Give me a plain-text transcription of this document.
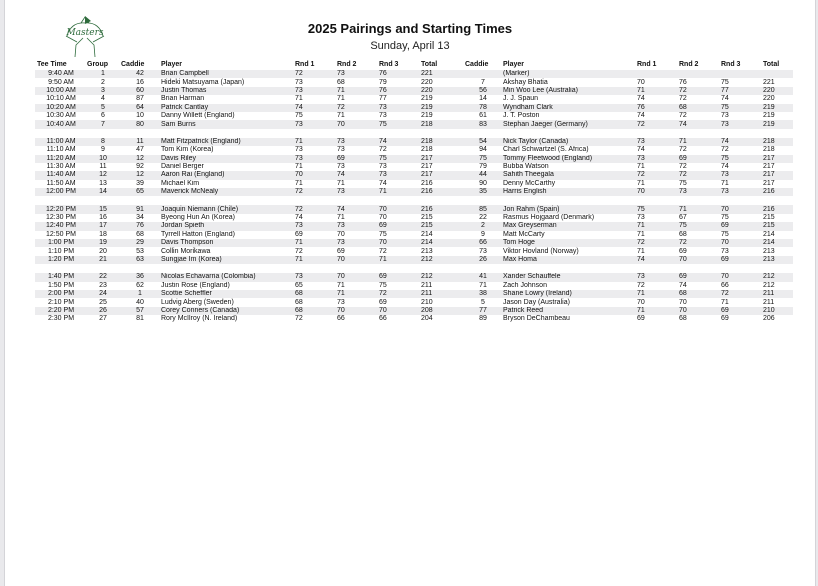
Masters	2025 Pairings and Starting Times
Sunday, April 13
Tee Time	Group	Caddie	Player	Rnd 1	Rnd 2	Rnd 3	Total	Caddie	Player	Rnd 1	Rnd 2	Rnd 3	Total
9:40 AM	1	42	Brian Campbell	72	73	76	221		(Marker)				
9:50 AM	2	16	Hideki Matsuyama (Japan)	73	68	79	220	7	Akshay Bhatia	70	76	75	221
10:00 AM	3	60	Justin Thomas	73	71	76	220	56	Min Woo Lee (Australia)	71	72	77	220
10:10 AM	4	87	Brian Harman	71	71	77	219	14	J. J. Spaun	74	72	74	220
10:20 AM	5	64	Patrick Cantlay	74	72	73	219	78	Wyndham Clark	76	68	75	219
10:30 AM	6	10	Danny Willett (England)	75	71	73	219	61	J. T. Poston	74	72	73	219
10:40 AM	7	80	Sam Burns	73	70	75	218	83	Stephan Jaeger (Germany)	72	74	73	219

11:00 AM	8	11	Matt Fitzpatrick (England)	71	73	74	218	54	Nick Taylor (Canada)	73	71	74	218
11:10 AM	9	47	Tom Kim (Korea)	73	73	72	218	94	Charl Schwartzel (S. Africa)	74	72	72	218
11:20 AM	10	12	Davis Riley	73	69	75	217	75	Tommy Fleetwood (England)	73	69	75	217
11:30 AM	11	92	Daniel Berger	71	73	73	217	79	Bubba Watson	71	72	74	217
11:40 AM	12	12	Aaron Rai (England)	70	74	73	217	44	Sahith Theegala	72	72	73	217
11:50 AM	13	39	Michael Kim	71	71	74	216	90	Denny McCarthy	71	75	71	217
12:00 PM	14	65	Maverick McNealy	72	73	71	216	35	Harris English	70	73	73	216

12:20 PM	15	91	Joaquin Niemann (Chile)	72	74	70	216	85	Jon Rahm (Spain)	75	71	70	216
12:30 PM	16	34	Byeong Hun An (Korea)	74	71	70	215	22	Rasmus Hojgaard (Denmark)	73	67	75	215
12:40 PM	17	76	Jordan Spieth	73	73	69	215	2	Max Greyserman	71	75	69	215
12:50 PM	18	68	Tyrrell Hatton (England)	69	70	75	214	9	Matt McCarty	71	68	75	214
1:00 PM	19	29	Davis Thompson	71	73	70	214	66	Tom Hoge	72	72	70	214
1:10 PM	20	53	Collin Morikawa	72	69	72	213	73	Viktor Hovland (Norway)	71	69	73	213
1:20 PM	21	63	Sungjae Im (Korea)	71	70	71	212	26	Max Homa	74	70	69	213

1:40 PM	22	36	Nicolas Echavarria (Colombia)	73	70	69	212	41	Xander Schauffele	73	69	70	212
1:50 PM	23	62	Justin Rose (England)	65	71	75	211	71	Zach Johnson	72	74	66	212
2:00 PM	24	1	Scottie Scheffler	68	71	72	211	38	Shane Lowry (Ireland)	71	68	72	211
2:10 PM	25	40	Ludvig Aberg (Sweden)	68	73	69	210	5	Jason Day (Australia)	70	70	71	211
2:20 PM	26	57	Corey Conners (Canada)	68	70	70	208	77	Patrick Reed	71	70	69	210
2:30 PM	27	81	Rory McIlroy (N. Ireland)	72	66	66	204	89	Bryson DeChambeau	69	68	69	206
